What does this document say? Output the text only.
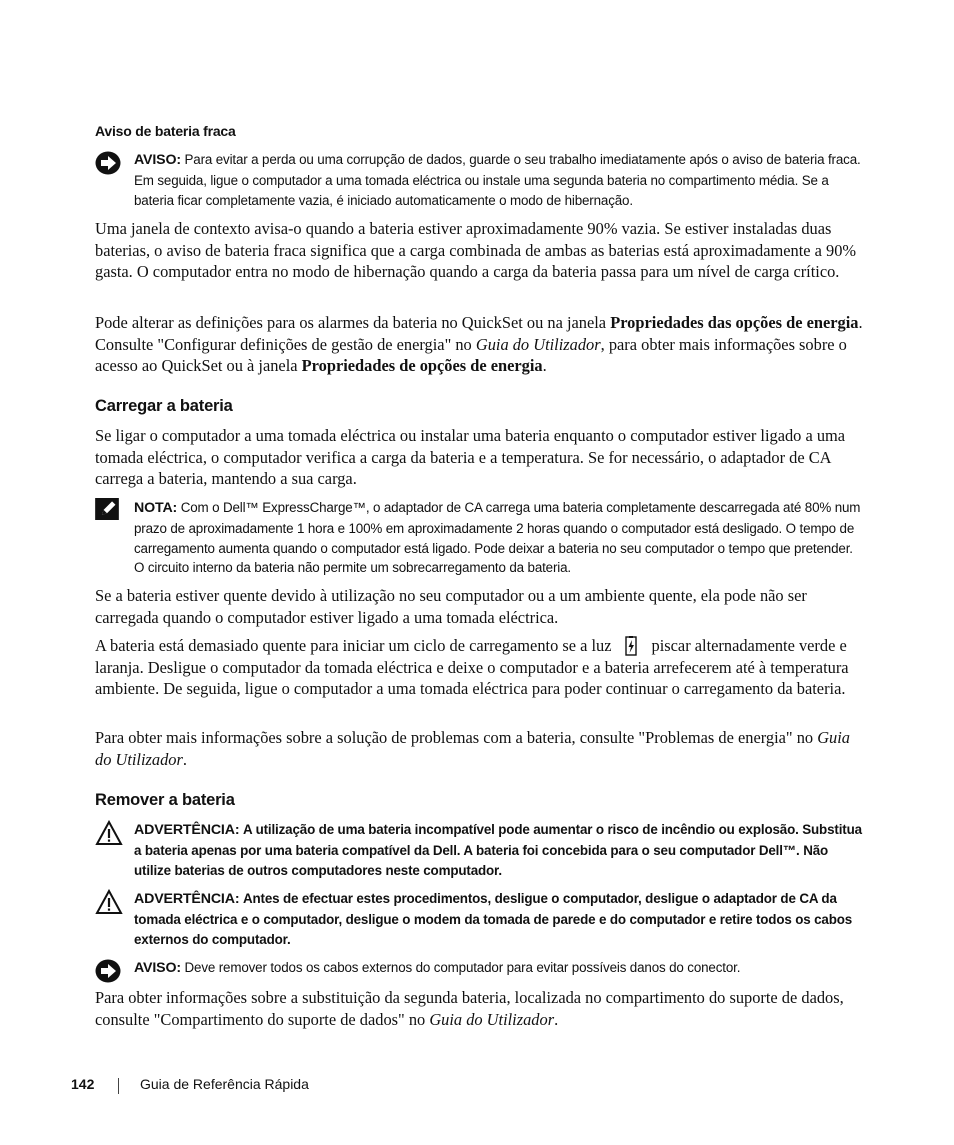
Aviso de bateria fraca
AVISO: Para evitar a perda ou uma corrupção de dados, guarde o seu trabalho imediatamente após o aviso de bateria fraca. Em seguida, ligue o computador a uma tomada eléctrica ou instale uma segunda bateria no compartimento média. Se a bateria ficar completamente vazia, é iniciado automaticamente o modo de hibernação.
Uma janela de contexto avisa-o quando a bateria estiver aproximadamente 90% vazia. Se estiver instaladas duas baterias, o aviso de bateria fraca significa que a carga combinada de ambas as baterias está aproximadamente a 90% gasta. O computador entra no modo de hibernação quando a carga da bateria passa para um nível de carga crítico.
Pode alterar as definições para os alarmes da bateria no QuickSet ou na janela Propriedades das opções de energia. Consulte "Configurar definições de gestão de energia" no Guia do Utilizador, para obter mais informações sobre o acesso ao QuickSet ou à janela Propriedades de opções de energia.
Carregar a bateria
Se ligar o computador a uma tomada eléctrica ou instalar uma bateria enquanto o computador estiver ligado a uma tomada eléctrica, o computador verifica a carga da bateria e a temperatura. Se for necessário, o adaptador de CA carrega a bateria, mantendo a sua carga.
NOTA: Com o Dell™ ExpressCharge™, o adaptador de CA carrega uma bateria completamente descarregada até 80% num prazo de aproximadamente 1 hora e 100% em aproximadamente 2 horas quando o computador está desligado. O tempo de carregamento aumenta quando o computador está ligado. Pode deixar a bateria no seu computador o tempo que pretender. O circuito interno da bateria não permite um sobrecarregamento da bateria.
Se a bateria estiver quente devido à utilização no seu computador ou a um ambiente quente, ela pode não ser carregada quando o computador estiver ligado a uma tomada eléctrica.
A bateria está demasiado quente para iniciar um ciclo de carregamento se a luz piscar alternadamente verde e laranja. Desligue o computador da tomada eléctrica e deixe o computador e a bateria arrefecerem até à temperatura ambiente. De seguida, ligue o computador a uma tomada eléctrica para poder continuar o carregamento da bateria.
Para obter mais informações sobre a solução de problemas com a bateria, consulte "Problemas de energia" no Guia do Utilizador.
Remover a bateria
ADVERTÊNCIA: A utilização de uma bateria incompatível pode aumentar o risco de incêndio ou explosão. Substitua a bateria apenas por uma bateria compatível da Dell. A bateria foi concebida para o seu computador Dell™. Não utilize baterias de outros computadores neste computador.
ADVERTÊNCIA: Antes de efectuar estes procedimentos, desligue o computador, desligue o adaptador de CA da tomada eléctrica e o computador, desligue o modem da tomada de parede e do computador e retire todos os cabos externos do computador.
AVISO: Deve remover todos os cabos externos do computador para evitar possíveis danos do conector.
Para obter informações sobre a substituição da segunda bateria, localizada no compartimento do suporte de dados, consulte "Compartimento do suporte de dados" no Guia do Utilizador.
142	Guia de Referência Rápida
